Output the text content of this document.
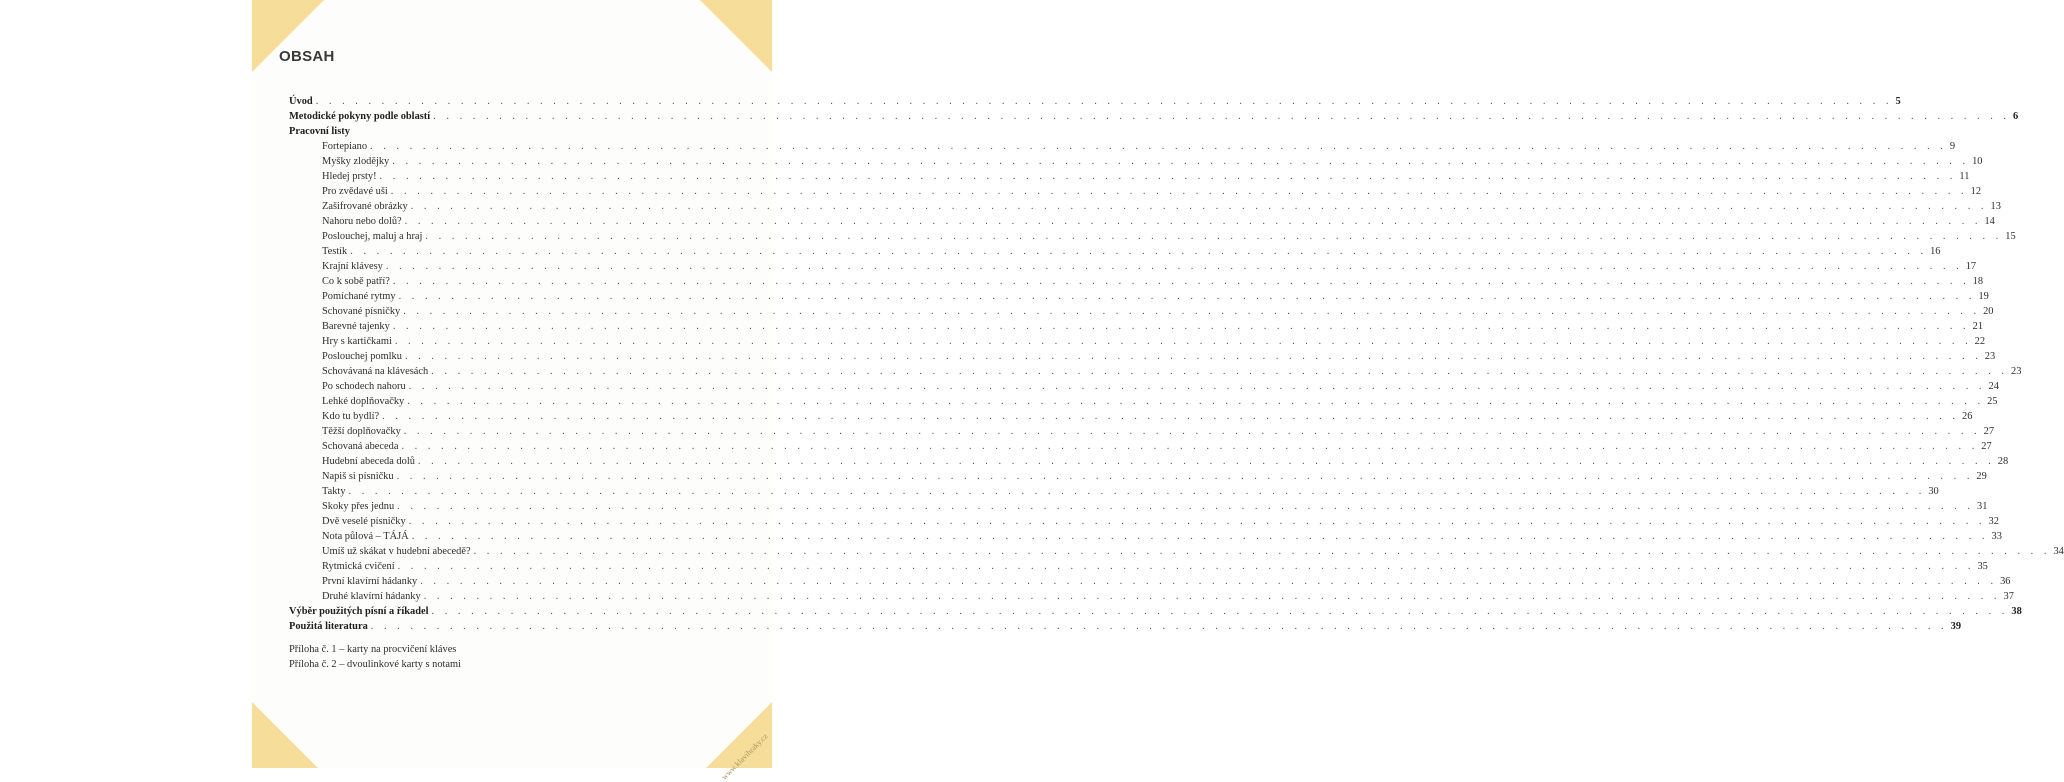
www.klavihraky.cz
OBSAH
Úvod . . . . . . . . . . . . . . . . . . . . . . . . . . . . . . . . . . . . . . . . . . . . . . . . . . . . . . . . . . . . . . . . . . . . . . . . . . . . . . . . . . . . . . . . . . . . . . . . . . . . . . . . . . . . . . . . . . . . . . . . 5
Metodické pokyny podle oblastí . . . . . . . . . . . . . . . . . . . . . . . . . . . . . . . . . . . . . . . . . . . . . . . . . . . . . . . . . . . . . . . . . . . . . . . . . . . . . . . . . . . . . . . . . . . . . . . . . . . . . . . . . . . . . . . . . . . . . . . . 6
Pracovní listy
Fortepiano . . . . . . . . . . . . . . . . . . . . . . . . . . . . . . . . . . . . . . . . . . . . . . . . . . . . . . . . . . . . . . . . . . . . . . . . . . . . . . . . . . . . . . . . . . . . . . . . . . . . . . . . . . . . . . . . . . . . . . . . 9
Myšky zlodějky . . . . . . . . . . . . . . . . . . . . . . . . . . . . . . . . . . . . . . . . . . . . . . . . . . . . . . . . . . . . . . . . . . . . . . . . . . . . . . . . . . . . . . . . . . . . . . . . . . . . . . . . . . . . . . . . . . . . . . . . 10
Hledej prsty! . . . . . . . . . . . . . . . . . . . . . . . . . . . . . . . . . . . . . . . . . . . . . . . . . . . . . . . . . . . . . . . . . . . . . . . . . . . . . . . . . . . . . . . . . . . . . . . . . . . . . . . . . . . . . . . . . . . . . . . . 11
Pro zvědavé uši . . . . . . . . . . . . . . . . . . . . . . . . . . . . . . . . . . . . . . . . . . . . . . . . . . . . . . . . . . . . . . . . . . . . . . . . . . . . . . . . . . . . . . . . . . . . . . . . . . . . . . . . . . . . . . . . . . . . . . . . 12
Zašifrované obrázky . . . . . . . . . . . . . . . . . . . . . . . . . . . . . . . . . . . . . . . . . . . . . . . . . . . . . . . . . . . . . . . . . . . . . . . . . . . . . . . . . . . . . . . . . . . . . . . . . . . . . . . . . . . . . . . . . . . . . . . . 13
Nahoru nebo dolů? . . . . . . . . . . . . . . . . . . . . . . . . . . . . . . . . . . . . . . . . . . . . . . . . . . . . . . . . . . . . . . . . . . . . . . . . . . . . . . . . . . . . . . . . . . . . . . . . . . . . . . . . . . . . . . . . . . . . . . . . 14
Poslouchej, maluj a hraj . . . . . . . . . . . . . . . . . . . . . . . . . . . . . . . . . . . . . . . . . . . . . . . . . . . . . . . . . . . . . . . . . . . . . . . . . . . . . . . . . . . . . . . . . . . . . . . . . . . . . . . . . . . . . . . . . . . . . . . . 15
Testík . . . . . . . . . . . . . . . . . . . . . . . . . . . . . . . . . . . . . . . . . . . . . . . . . . . . . . . . . . . . . . . . . . . . . . . . . . . . . . . . . . . . . . . . . . . . . . . . . . . . . . . . . . . . . . . . . . . . . . . . 16
Krajní klávesy . . . . . . . . . . . . . . . . . . . . . . . . . . . . . . . . . . . . . . . . . . . . . . . . . . . . . . . . . . . . . . . . . . . . . . . . . . . . . . . . . . . . . . . . . . . . . . . . . . . . . . . . . . . . . . . . . . . . . . . . 17
Co k sobě patří? . . . . . . . . . . . . . . . . . . . . . . . . . . . . . . . . . . . . . . . . . . . . . . . . . . . . . . . . . . . . . . . . . . . . . . . . . . . . . . . . . . . . . . . . . . . . . . . . . . . . . . . . . . . . . . . . . . . . . . . . 18
Pomíchané rytmy . . . . . . . . . . . . . . . . . . . . . . . . . . . . . . . . . . . . . . . . . . . . . . . . . . . . . . . . . . . . . . . . . . . . . . . . . . . . . . . . . . . . . . . . . . . . . . . . . . . . . . . . . . . . . . . . . . . . . . . . 19
Schované písničky . . . . . . . . . . . . . . . . . . . . . . . . . . . . . . . . . . . . . . . . . . . . . . . . . . . . . . . . . . . . . . . . . . . . . . . . . . . . . . . . . . . . . . . . . . . . . . . . . . . . . . . . . . . . . . . . . . . . . . . . 20
Barevné tajenky . . . . . . . . . . . . . . . . . . . . . . . . . . . . . . . . . . . . . . . . . . . . . . . . . . . . . . . . . . . . . . . . . . . . . . . . . . . . . . . . . . . . . . . . . . . . . . . . . . . . . . . . . . . . . . . . . . . . . . . . 21
Hry s kartičkami . . . . . . . . . . . . . . . . . . . . . . . . . . . . . . . . . . . . . . . . . . . . . . . . . . . . . . . . . . . . . . . . . . . . . . . . . . . . . . . . . . . . . . . . . . . . . . . . . . . . . . . . . . . . . . . . . . . . . . . . 22
Poslouchej pomlku . . . . . . . . . . . . . . . . . . . . . . . . . . . . . . . . . . . . . . . . . . . . . . . . . . . . . . . . . . . . . . . . . . . . . . . . . . . . . . . . . . . . . . . . . . . . . . . . . . . . . . . . . . . . . . . . . . . . . . . . 23
Schovávaná na klávesách . . . . . . . . . . . . . . . . . . . . . . . . . . . . . . . . . . . . . . . . . . . . . . . . . . . . . . . . . . . . . . . . . . . . . . . . . . . . . . . . . . . . . . . . . . . . . . . . . . . . . . . . . . . . . . . . . . . . . . . . 23
Po schodech nahoru . . . . . . . . . . . . . . . . . . . . . . . . . . . . . . . . . . . . . . . . . . . . . . . . . . . . . . . . . . . . . . . . . . . . . . . . . . . . . . . . . . . . . . . . . . . . . . . . . . . . . . . . . . . . . . . . . . . . . . . . 24
Lehké doplňovačky . . . . . . . . . . . . . . . . . . . . . . . . . . . . . . . . . . . . . . . . . . . . . . . . . . . . . . . . . . . . . . . . . . . . . . . . . . . . . . . . . . . . . . . . . . . . . . . . . . . . . . . . . . . . . . . . . . . . . . . . 25
Kdo tu bydlí? . . . . . . . . . . . . . . . . . . . . . . . . . . . . . . . . . . . . . . . . . . . . . . . . . . . . . . . . . . . . . . . . . . . . . . . . . . . . . . . . . . . . . . . . . . . . . . . . . . . . . . . . . . . . . . . . . . . . . . . . 26
Těžší doplňovačky . . . . . . . . . . . . . . . . . . . . . . . . . . . . . . . . . . . . . . . . . . . . . . . . . . . . . . . . . . . . . . . . . . . . . . . . . . . . . . . . . . . . . . . . . . . . . . . . . . . . . . . . . . . . . . . . . . . . . . . . 27
Schovaná abeceda . . . . . . . . . . . . . . . . . . . . . . . . . . . . . . . . . . . . . . . . . . . . . . . . . . . . . . . . . . . . . . . . . . . . . . . . . . . . . . . . . . . . . . . . . . . . . . . . . . . . . . . . . . . . . . . . . . . . . . . . 27
Hudební abeceda dolů . . . . . . . . . . . . . . . . . . . . . . . . . . . . . . . . . . . . . . . . . . . . . . . . . . . . . . . . . . . . . . . . . . . . . . . . . . . . . . . . . . . . . . . . . . . . . . . . . . . . . . . . . . . . . . . . . . . . . . . . 28
Napiš si písničku . . . . . . . . . . . . . . . . . . . . . . . . . . . . . . . . . . . . . . . . . . . . . . . . . . . . . . . . . . . . . . . . . . . . . . . . . . . . . . . . . . . . . . . . . . . . . . . . . . . . . . . . . . . . . . . . . . . . . . . . 29
Takty . . . . . . . . . . . . . . . . . . . . . . . . . . . . . . . . . . . . . . . . . . . . . . . . . . . . . . . . . . . . . . . . . . . . . . . . . . . . . . . . . . . . . . . . . . . . . . . . . . . . . . . . . . . . . . . . . . . . . . . . 30
Skoky přes jednu . . . . . . . . . . . . . . . . . . . . . . . . . . . . . . . . . . . . . . . . . . . . . . . . . . . . . . . . . . . . . . . . . . . . . . . . . . . . . . . . . . . . . . . . . . . . . . . . . . . . . . . . . . . . . . . . . . . . . . . . 31
Dvě veselé písničky . . . . . . . . . . . . . . . . . . . . . . . . . . . . . . . . . . . . . . . . . . . . . . . . . . . . . . . . . . . . . . . . . . . . . . . . . . . . . . . . . . . . . . . . . . . . . . . . . . . . . . . . . . . . . . . . . . . . . . . . 32
Nota půlová – TÁJÁ . . . . . . . . . . . . . . . . . . . . . . . . . . . . . . . . . . . . . . . . . . . . . . . . . . . . . . . . . . . . . . . . . . . . . . . . . . . . . . . . . . . . . . . . . . . . . . . . . . . . . . . . . . . . . . . . . . . . . . . . 33
Umíš už skákat v hudební abecedě? . . . . . . . . . . . . . . . . . . . . . . . . . . . . . . . . . . . . . . . . . . . . . . . . . . . . . . . . . . . . . . . . . . . . . . . . . . . . . . . . . . . . . . . . . . . . . . . . . . . . . . . . . . . . . . . . . . . . . . . . 34
Rytmická cvičení . . . . . . . . . . . . . . . . . . . . . . . . . . . . . . . . . . . . . . . . . . . . . . . . . . . . . . . . . . . . . . . . . . . . . . . . . . . . . . . . . . . . . . . . . . . . . . . . . . . . . . . . . . . . . . . . . . . . . . . . 35
První klavírní hádanky . . . . . . . . . . . . . . . . . . . . . . . . . . . . . . . . . . . . . . . . . . . . . . . . . . . . . . . . . . . . . . . . . . . . . . . . . . . . . . . . . . . . . . . . . . . . . . . . . . . . . . . . . . . . . . . . . . . . . . . . 36
Druhé klavírní hádanky . . . . . . . . . . . . . . . . . . . . . . . . . . . . . . . . . . . . . . . . . . . . . . . . . . . . . . . . . . . . . . . . . . . . . . . . . . . . . . . . . . . . . . . . . . . . . . . . . . . . . . . . . . . . . . . . . . . . . . . . 37
Výběr použitých písní a říkadel . . . . . . . . . . . . . . . . . . . . . . . . . . . . . . . . . . . . . . . . . . . . . . . . . . . . . . . . . . . . . . . . . . . . . . . . . . . . . . . . . . . . . . . . . . . . . . . . . . . . . . . . . . . . . . . . . . . . . . . . 38
Použitá literatura . . . . . . . . . . . . . . . . . . . . . . . . . . . . . . . . . . . . . . . . . . . . . . . . . . . . . . . . . . . . . . . . . . . . . . . . . . . . . . . . . . . . . . . . . . . . . . . . . . . . . . . . . . . . . . . . . . . . . . . . 39
Příloha č. 1 – karty na procvičení kláves
Příloha č. 2 – dvoulinkové karty s notami
